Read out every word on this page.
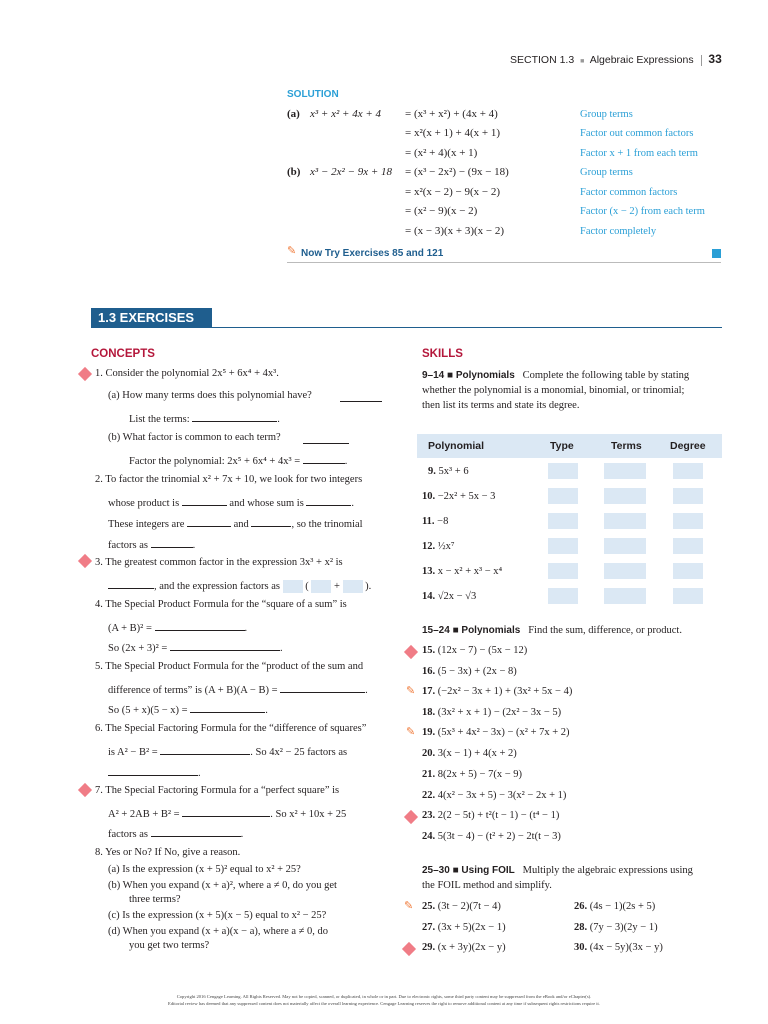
SECTION 1.3 ■ Algebraic Expressions 33
SOLUTION
(a) x³ + x² + 4x + 4 = (x³ + x²) + (4x + 4)	Group terms
= x²(x + 1) + 4(x + 1)	Factor out common factors
= (x² + 4)(x + 1)	Factor x + 1 from each term
(b) x³ − 2x² − 9x + 18 = (x³ − 2x²) − (9x − 18)	Group terms
= x²(x − 2) − 9(x − 2)	Factor common factors
= (x² − 9)(x − 2)	Factor (x − 2) from each term
= (x − 3)(x + 3)(x − 2)	Factor completely
✎ Now Try Exercises 85 and 121
1.3 EXERCISES
CONCEPTS
1. Consider the polynomial 2x⁵ + 6x⁴ + 4x³.
(a) How many terms does this polynomial have?
List the terms:	.
(b) What factor is common to each term?
Factor the polynomial: 2x⁵ + 6x⁴ + 4x³ =	.
2. To factor the trinomial x² + 7x + 10, we look for two integers
whose product is	and whose sum is	.
These integers are	and	, so the trinomial
factors as	.
3. The greatest common factor in the expression 3x³ + x² is
, and the expression factors as  (  +  ).
4. The Special Product Formula for the “square of a sum” is
(A + B)² =	.
So (2x + 3)² =	.
5. The Special Product Formula for the “product of the sum and
difference of terms” is (A + B)(A − B) =	.
So (5 + x)(5 − x) =	.
6. The Special Factoring Formula for the “difference of squares”
is A² − B² =	. So 4x² − 25 factors as
.
7. The Special Factoring Formula for a “perfect square” is
A² + 2AB + B² =	. So x² + 10x + 25
factors as	.
8. Yes or No? If No, give a reason.
(a) Is the expression (x + 5)² equal to x² + 25?
(b) When you expand (x + a)², where a ≠ 0, do you get
three terms?
(c) Is the expression (x + 5)(x − 5) equal to x² − 25?
(d) When you expand (x + a)(x − a), where a ≠ 0, do
you get two terms?
SKILLS
9–14 ■ Polynomials Complete the following table by stating
whether the polynomial is a monomial, binomial, or trinomial;
then list its terms and state its degree.
Polynomial	Type	Terms	Degree
9. 5x³ + 6
10. −2x² + 5x − 3
11. −8
12. ½x⁷
13. x − x² + x³ − x⁴
14. √2x − √3
15–24 ■ Polynomials Find the sum, difference, or product.
15. (12x − 7) − (5x − 12)
16. (5 − 3x) + (2x − 8)
✎ 17. (−2x² − 3x + 1) + (3x² + 5x − 4)
18. (3x² + x + 1) − (2x² − 3x − 5)
✎ 19. (5x³ + 4x² − 3x) − (x² + 7x + 2)
20. 3(x − 1) + 4(x + 2)
21. 8(2x + 5) − 7(x − 9)
22. 4(x² − 3x + 5) − 3(x² − 2x + 1)
23. 2(2 − 5t) + t²(t − 1) − (t⁴ − 1)
24. 5(3t − 4) − (t² + 2) − 2t(t − 3)
25–30 ■ Using FOIL Multiply the algebraic expressions using
the FOIL method and simplify.
✎ 25. (3t − 2)(7t − 4)	26. (4s − 1)(2s + 5)
27. (3x + 5)(2x − 1)	28. (7y − 3)(2y − 1)
29. (x + 3y)(2x − y)	30. (4x − 5y)(3x − y)
Copyright 2016 Cengage Learning. All Rights Reserved. May not be copied, scanned, or duplicated, in whole or in part. Due to electronic rights, some third party content may be suppressed from the eBook and/or eChapter(s).
Editorial review has deemed that any suppressed content does not materially affect the overall learning experience. Cengage Learning reserves the right to remove additional content at any time if subsequent rights restrictions require it.
